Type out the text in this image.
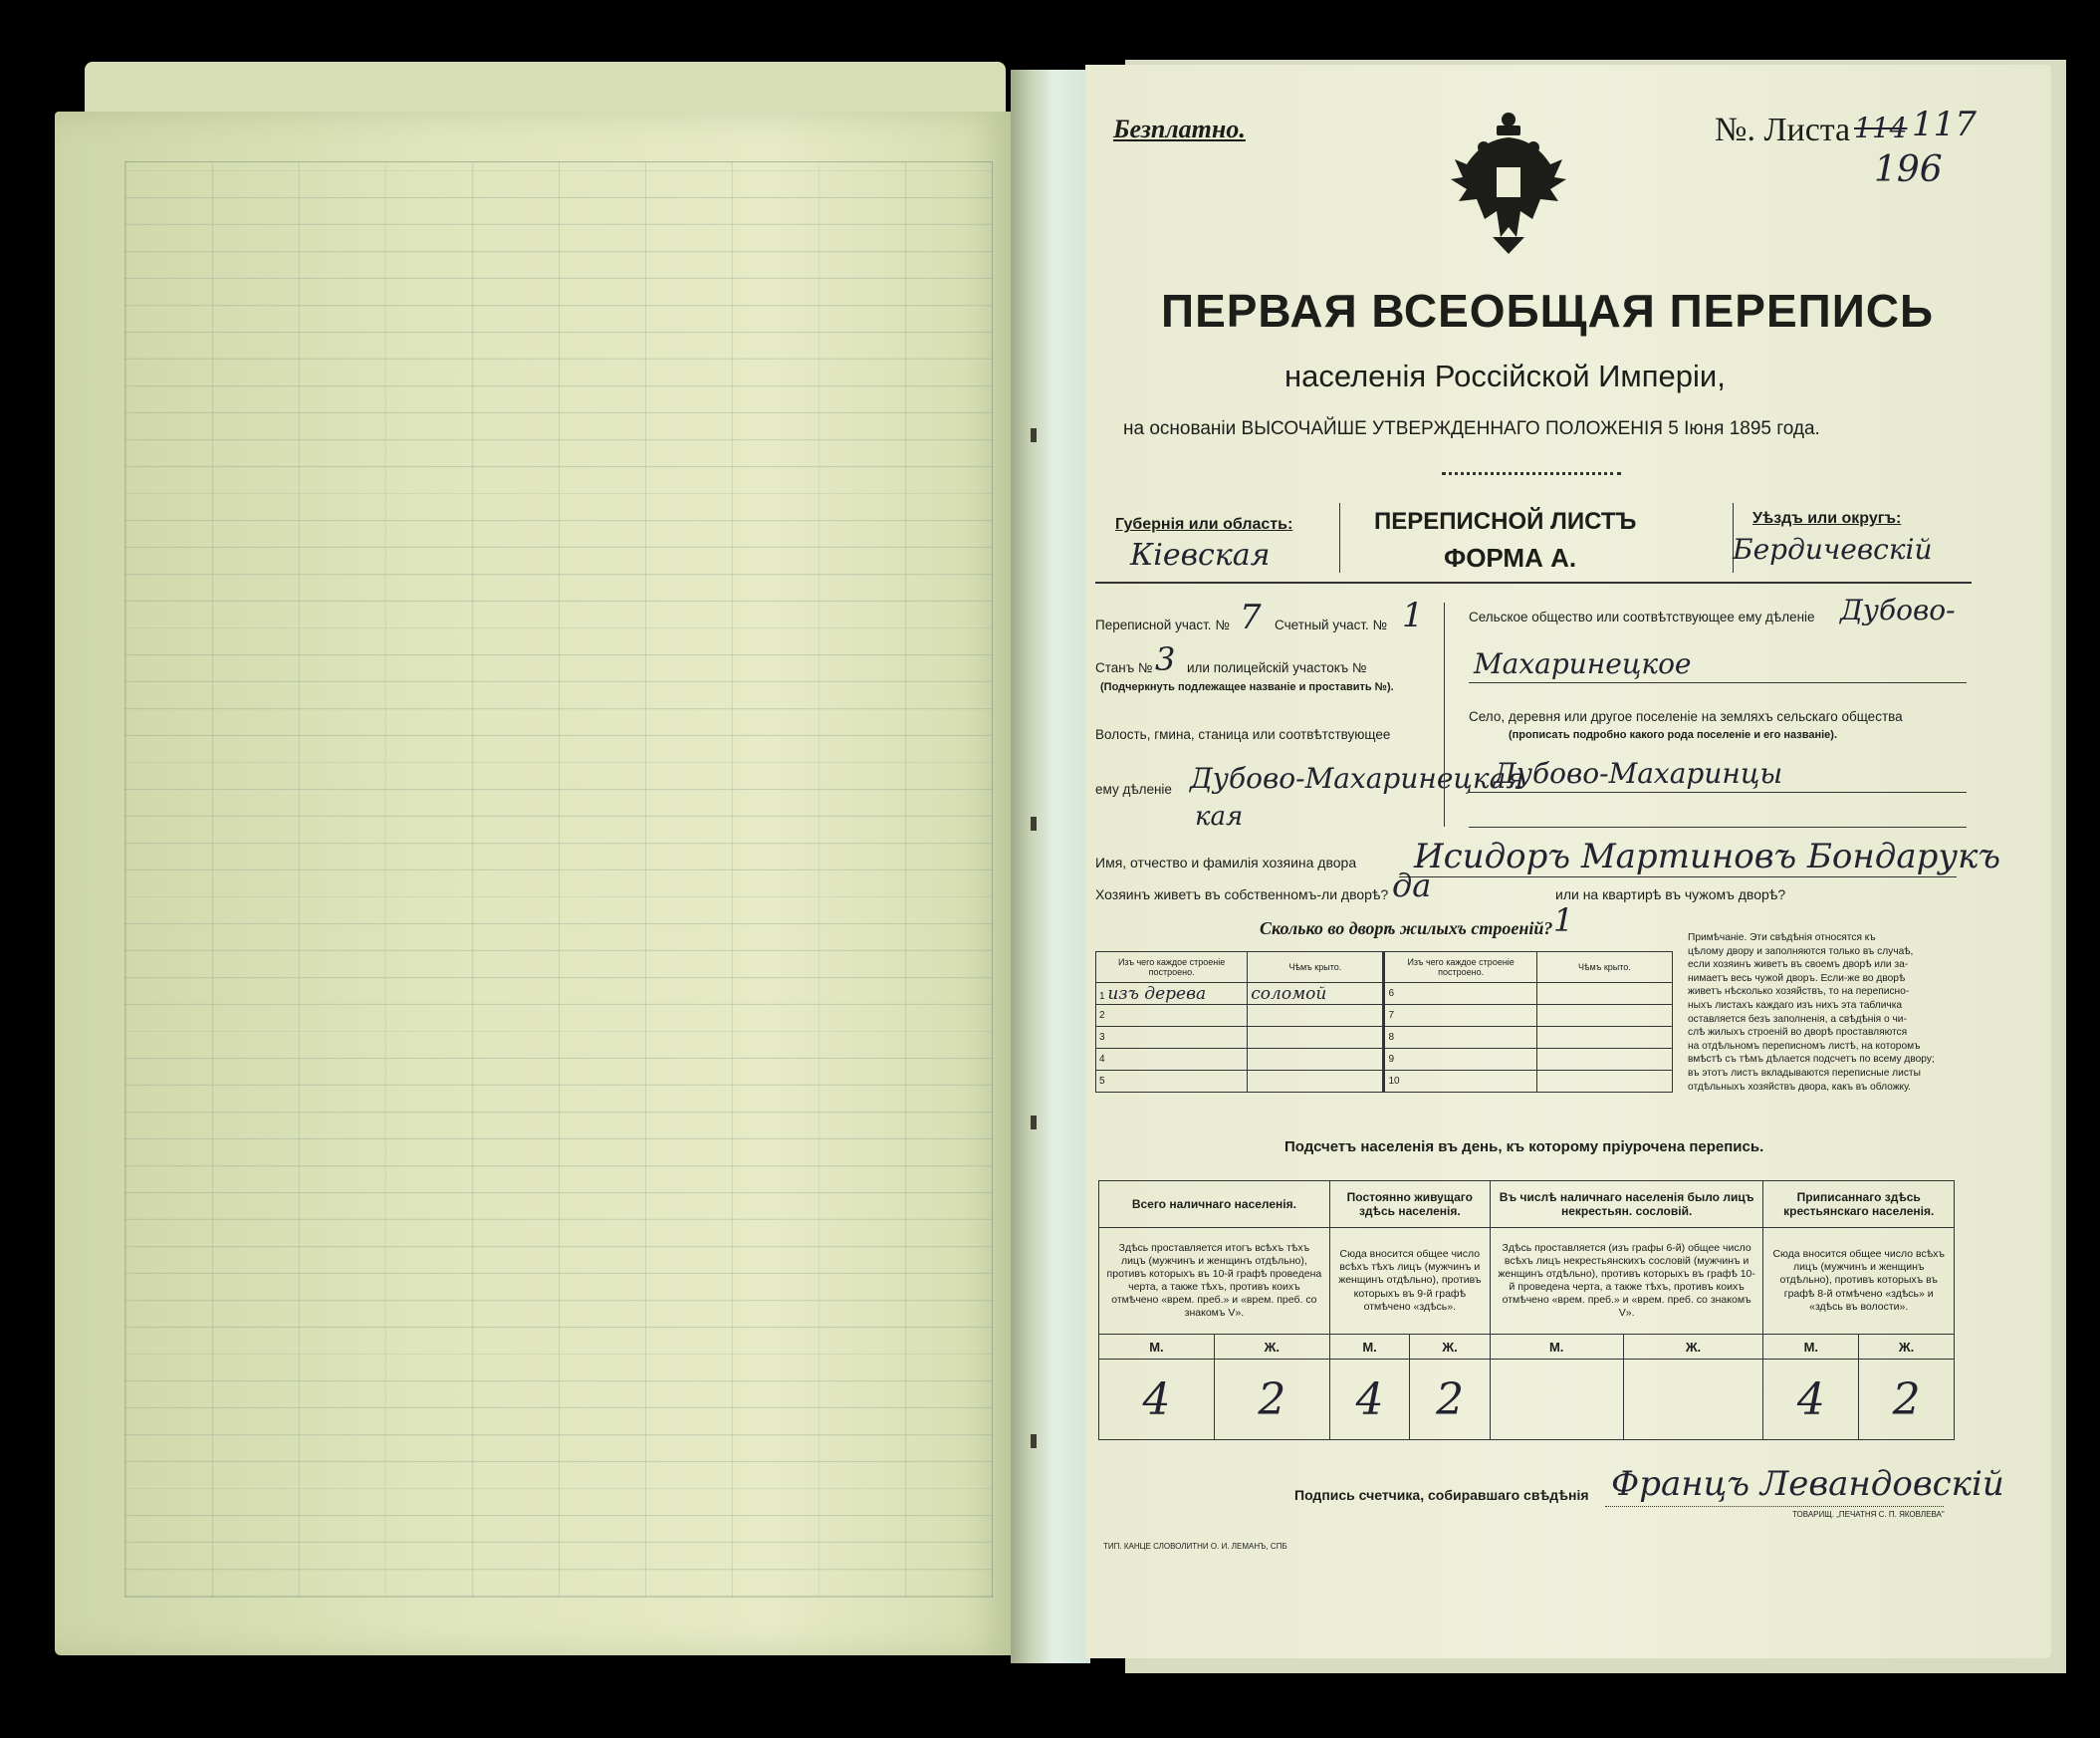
Безплатно.	№. Листа 114 117
196
ПЕРВАЯ ВСЕОБЩАЯ ПЕРЕПИСЬ
населенія Россійской Имперіи,
на основаніи ВЫСОЧАЙШЕ УТВЕРЖДЕННАГО ПОЛОЖЕНІЯ 5 Іюня 1895 года.
Губернія или область:
Кіевская
ПЕРЕПИСНОЙ ЛИСТЪ
ФОРМА А.
Уѣздъ или округъ:
Бердичевскій
Переписной участ. № 7 Счетный участ. № 1
Станъ № 3 или полицейскій участокъ №
(Подчеркнуть подлежащее названіе и проставить №).
Волость, гмина, станица или соотвѣтствующее
ему дѣленіе Дубово-Махаринецкая
кая
Сельское общество или соотвѣтствующее ему дѣленіе Дубово-
Махаринецкое
Село, деревня или другое поселеніе на земляхъ сельскаго общества
(прописать подробно какого рода поселеніе и его названіе).
Дубово-Махаринцы
Имя, отчество и фамилія хозяина двора Исидоръ Мартиновъ Бондарукъ
Хозяинъ живетъ въ собственномъ-ли дворѣ? да	или на квартирѣ въ чужомъ дворѣ?
Сколько во дворѣ жилыхъ строеній? 1
Изъ чего каждое строеніе построено.	Чѣмъ крыто.	Изъ чего каждое строеніе построено.	Чѣмъ крыто.
1 изъ дерева	соломой	6	
2		7	
3		8	
4		9	
5		10	
Примѣчаніе. Эти свѣдѣнія относятся къ
цѣлому двору и заполняются только въ случаѣ,
если хозяинъ живетъ въ своемъ дворѣ или за-
нимаетъ весь чужой дворъ. Если-же во дворѣ
живетъ нѣсколько хозяйствъ, то на переписно-
ныхъ листахъ каждаго изъ нихъ эта табличка
оставляется безъ заполненія, а свѣдѣнія о чи-
слѣ жилыхъ строеній во дворѣ проставляются
на отдѣльномъ переписномъ листѣ, на которомъ
вмѣстѣ съ тѣмъ дѣлается подсчетъ по всему двору;
въ этотъ листъ вкладываются переписные листы
отдѣльныхъ хозяйствъ двора, какъ въ обложку.
Подсчетъ населенія въ день, къ которому пріурочена перепись.
Всего наличнаго населенія.		Постоянно живущаго здѣсь населенія.		Въ числѣ наличнаго населенія было лицъ некрестьян. сословій.		Приписаннаго здѣсь крестьянскаго населенія.	
Здѣсь проставляется итогъ всѣхъ тѣхъ лицъ (мужчинъ и женщинъ отдѣльно), противъ которыхъ въ 10-й графѣ проведена черта, а также тѣхъ, противъ коихъ отмѣчено «врем. преб.» и «врем. преб. со знакомъ V».		Сюда вносится общее число всѣхъ тѣхъ лицъ (мужчинъ и женщинъ отдѣльно), противъ которыхъ въ 9-й графѣ отмѣчено «здѣсь».		Здѣсь проставляется (изъ графы 6-й) общее число всѣхъ лицъ некрестьянскихъ сословій (мужчинъ и женщинъ отдѣльно), противъ которыхъ въ графѣ 10-й проведена черта, а также тѣхъ, противъ коихъ отмѣчено «врем. преб.» и «врем. преб. со знакомъ V».		Сюда вносится общее число всѣхъ лицъ (мужчинъ и женщинъ отдѣльно), противъ которыхъ въ графѣ 8-й отмѣчено «здѣсь» и «здѣсь въ волости».	
М.	Ж.	М.	Ж.	М.	Ж.	М.	Ж.
4	2	4	2			4	2
Подпись счетчика, собиравшаго свѣдѣнія Францъ Левандовскій
ТИП. КАНЦЕ СЛОВОЛИТНИ О. И. ЛЕМАНЪ, СПБ
ТОВАРИЩ. „ПЕЧАТНЯ С. П. ЯКОВЛЕВА"
